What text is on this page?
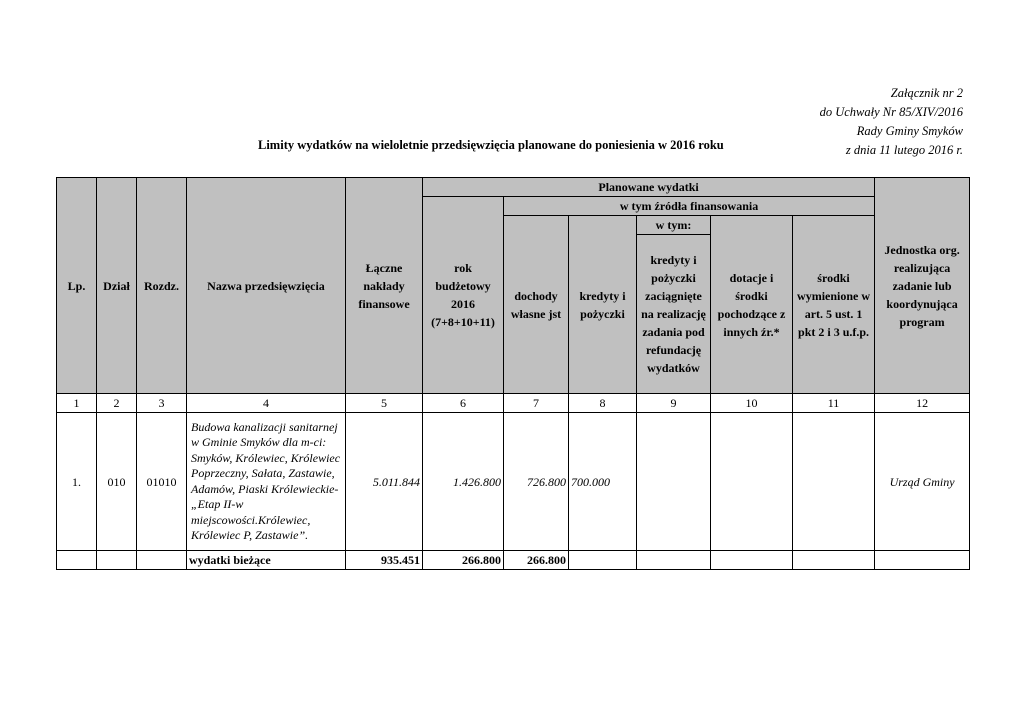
Załącznik nr 2
do Uchwały Nr 85/XIV/2016
Rady Gminy Smyków
z dnia 11 lutego 2016 r.
Limity wydatków na wieloletnie przedsięwzięcia planowane do poniesienia w 2016 roku
Lp.	Dział	Rozdz.	Nazwa przedsięwzięcia	Łączne nakłady finansowe	Planowane wydatki						Jednostka org. realizująca zadanie lub koordynująca program
					rok budżetowy 2016 (7+8+10+11)	w tym źródła finansowania					
						dochody własne jst	kredyty i pożyczki	w tym:	dotacje i środki pochodzące z innych źr.*	środki wymienione w art. 5 ust. 1 pkt 2 i 3 u.f.p.	
								kredyty i pożyczki zaciągnięte na realizację zadania pod refundację wydatków			
1	2	3	4	5	6	7	8	9	10	11	12
1.	010	01010	Budowa kanalizacji sanitarnej w Gminie Smyków dla m-ci: Smyków, Królewiec, Królewiec Poprzeczny, Sałata, Zastawie, Adamów, Piaski Królewieckie- „Etap II-w miejscowości.Królewiec, Królewiec P, Zastawie”.	5.011.844	1.426.800	726.800	700.000				Urząd Gminy
			wydatki bieżące	935.451	266.800	266.800					
